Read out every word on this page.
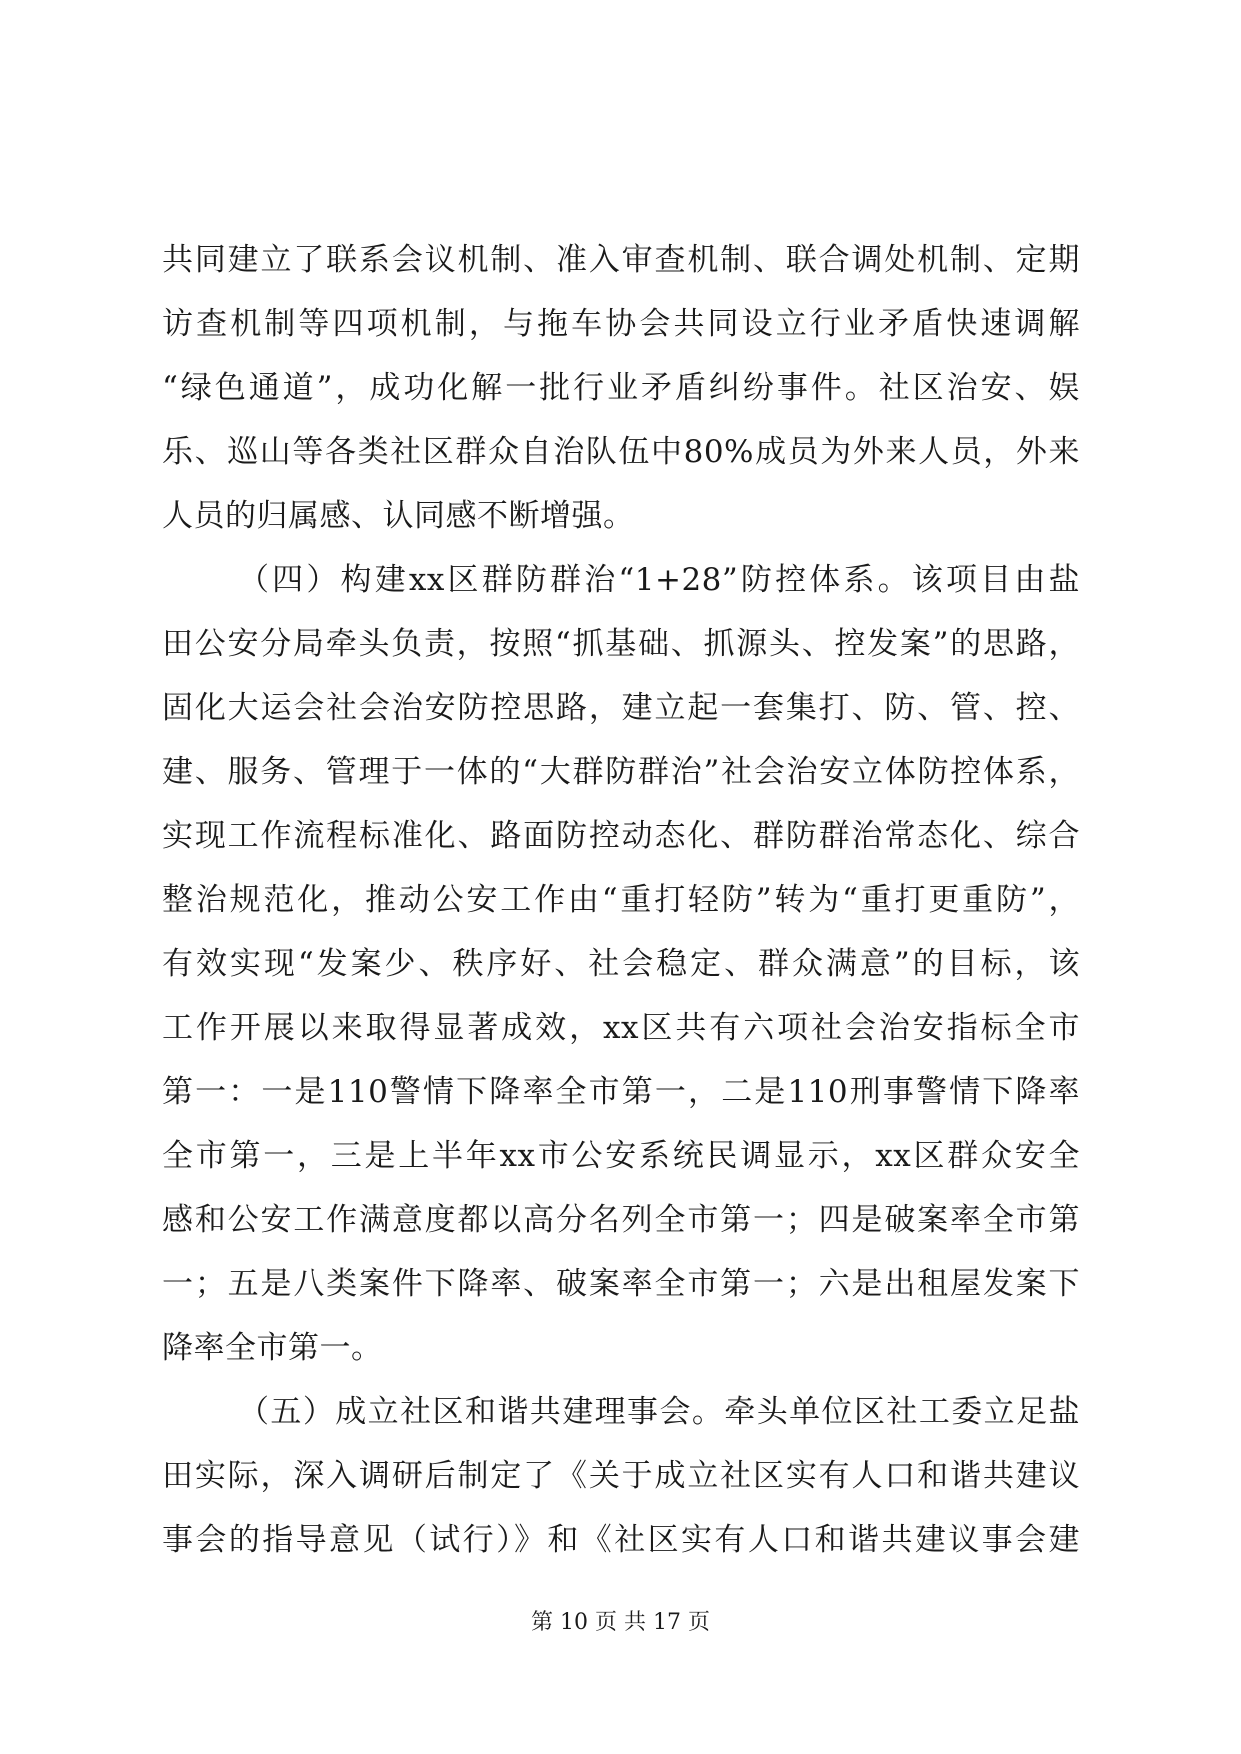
共同建立了联系会议机制、准入审查机制、联合调处机制、定期
访查机制等四项机制，与拖车协会共同设立行业矛盾快速调解
“绿色通道”，成功化解一批行业矛盾纠纷事件。社区治安、娱
乐、巡山等各类社区群众自治队伍中80%成员为外来人员，外来
人员的归属感、认同感不断增强。
（四）构建xx区群防群治“1+28”防控体系。该项目由盐
田公安分局牵头负责，按照“抓基础、抓源头、控发案”的思路，
固化大运会社会治安防控思路，建立起一套集打、防、管、控、
建、服务、管理于一体的“大群防群治”社会治安立体防控体系，
实现工作流程标准化、路面防控动态化、群防群治常态化、综合
整治规范化，推动公安工作由“重打轻防”转为“重打更重防”，
有效实现“发案少、秩序好、社会稳定、群众满意”的目标，该
工作开展以来取得显著成效，xx区共有六项社会治安指标全市
第一：一是110警情下降率全市第一，二是110刑事警情下降率
全市第一，三是上半年xx市公安系统民调显示，xx区群众安全
感和公安工作满意度都以高分名列全市第一；四是破案率全市第
一；五是八类案件下降率、破案率全市第一；六是出租屋发案下
降率全市第一。
（五）成立社区和谐共建理事会。牵头单位区社工委立足盐
田实际，深入调研后制定了《关于成立社区实有人口和谐共建议
事会的指导意见（试行）》和《社区实有人口和谐共建议事会建
第 10 页 共 17 页
